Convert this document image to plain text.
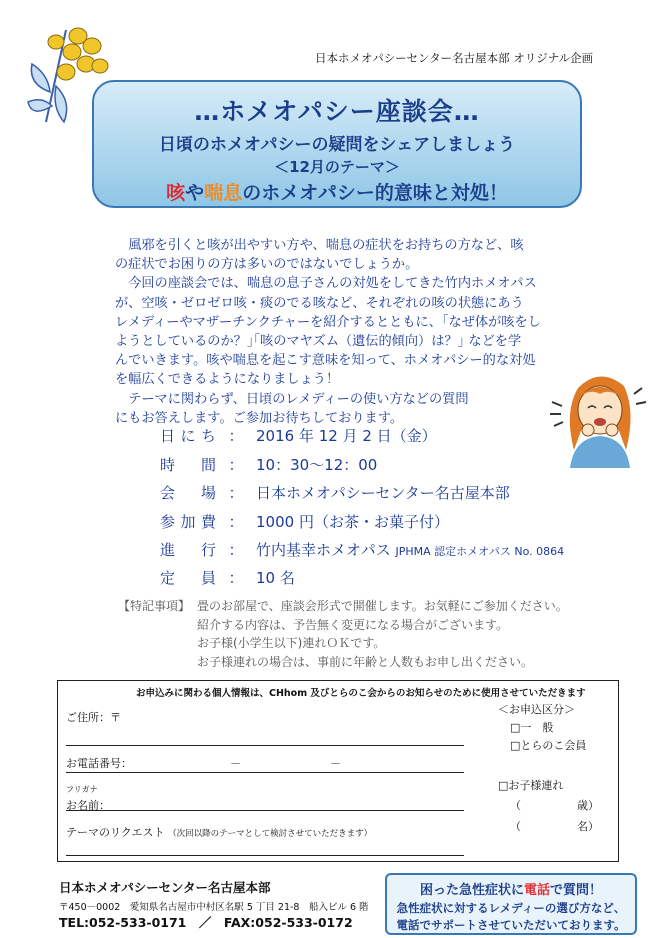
日本ホメオパシーセンター名古屋本部 オリジナル企画
…ホメオパシー座談会…
日頃のホメオパシーの疑問をシェアしましょう
＜12月のテーマ＞
咳や喘息のホメオパシー的意味と対処！

風邪を引くと咳が出やすい方や、喘息の症状をお持ちの方など、咳

の症状でお困りの方は多いのではないでしょうか。

今回の座談会では、喘息の息子さんの対処をしてきた竹内ホメオパス

が、空咳・ゼロゼロ咳・痰のでる咳など、それぞれの咳の状態にあう

レメディーやマザーチンクチャーを紹介するとともに、｢なぜ体が咳をし

ようとしているのか？｣｢咳のマヤズム（遺伝的傾向）は？｣ などを学

んでいきます。咳や喘息を起こす意味を知って、ホメオパシー的な対処

を幅広くできるようになりましょう！

テーマに関わらず、日頃のレメディーの使い方などの質問

にもお答えします。ご参加お待ちしております。

日にち ： 2016 年 12 月 2 日（金）
時間 ： 10：30～12：00
会場 ： 日本ホメオパシーセンター名古屋本部
参加費 ： 1000 円（お茶・お菓子付）
進行 ： 竹内基幸ホメオパス JPHMA 認定ホメオパス No. 0864
定員 ： 10 名
【特記事項】 畳のお部屋で、座談会形式で開催します。お気軽にご参加ください。
紹介する内容は、予告無く変更になる場合がございます。
お子様(小学生以下)連れＯＫです。
お子様連れの場合は、事前に年齢と人数もお申し出ください。
お申込みに関わる個人情報は、CHhom 及びとらのこ会からのお知らせのために使用させていただきます
ご住所：〒
お電話番号：	－	－
フリガナ
お名前：
テーマのリクエスト （次回以降のテーマとして検討させていただきます）
＜お申込区分＞
□一　般
□とらのこ会員
□お子様連れ
（	歳）
（	名）
日本ホメオパシーセンター名古屋本部
〒450－0002　愛知県名古屋市中村区名駅 5 丁目 21-8　船入ビル 6 階
TEL:052-533-0171　／　FAX:052-533-0172
困った急性症状に電話で質問！
急性症状に対するレメディーの選び方など、
電話でサポートさせていただいております。
